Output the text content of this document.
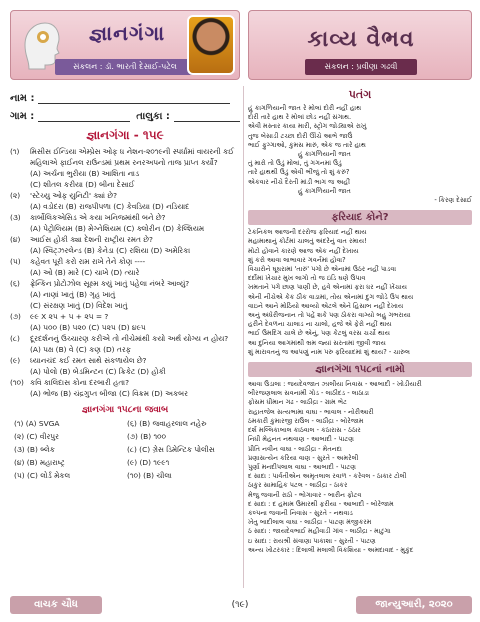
જ્ઞાનગંગા
સંકલન : ડૉ. ભારતી દેસાઈ-પટેલ
કાવ્ય વૈભવ
સંકલન : પ્રવીણા ગઢવી
નામ :
ગામ :	તાલુકા :
જ્ઞાનગંગા - ૧૫૯
(૧)	મિસીસ ઈન્ડિયા એમ્પ્રેસ ઓફ ધ નેશન-૨૦૧૯ની સ્પર્ધામાં વાયરની કઈ મહિલાએ ફાઈનલ રાઉન્ડમાં પ્રથમ રનરઅપનો તાજ પ્રાપ્ત કર્યો?
(A) અર્ચના ભુરીયા (B) આશિતા નાડ
(C) શીતલ કરીયા (D) બીના દેસાઈ
(૨)	'સ્ટેચ્યુ ઓફ યુનિટી' ક્યાં છે?
(A) વડોદરા (B) રાજપીપળા (C) કેવડિયા (D) નડિયાદ
(૩)	કાર્બોલિકએસિડ એ કયા ખનિજમાંથી બને છે?
(A) પેટ્રોલિયમ (B) મેગ્નેશિયમ (C) ક્લોરીન (D) કેલ્શિયમ
(૪)	આઈસ હોકી ક્યા દેશની રાષ્ટ્રીય રમત છે?
(A) સ્વિટ્ઝરલેન્ડ (B) કેનેડા (C) રશિયા (D) અમેરિકા
(૫)	કહેવત પૂરી કરો રામ રાખે તેને કોણ ----
(A) ઓ (B) મારે (C) ચાખે (D) ત્યારે
(૬)	ફ્રેન્કિન પ્રોટોઝોલ સૂક્ષ્મ કયું ખાતું પહેલા નંબરે આવ્યું?
(A) નાણાં ખાતું (B) ગૃહ ખાતું
(C) સંરક્ષણ ખાતું (D) વિદેશ ખાતું
(૭)	૯૯ X ૨૫ + ૫ + ૨૫ = ?
(A) ૫૦૦ (B) ૫૨૦ (C) ૫૨૫ (D) ૪૯૫
(૮)	દૂરદર્શનનું ઉચ્ચારણ કરીએ તો નીચેમાંથી કયો અર્થ યોગ્ય ન હોય?
(A) પક્ષ (B) વે (C) કણ (D) તરફ
(૯)	ધ્યાનચંદ કઈ રમત સાથે સંકળાયેલ છે?
(A) પોલો (B) બેડમિન્ટન (C) ક્રિકેટ (D) હોકી
(૧૦) કવિ કાલિદાસ કોના દરબારી હતા?
(A) ભોજ (B) ચંદ્રગુપ્ત બીજા (C) વિક્રમ (D) અકબર
જ્ઞાનગંગા ૧૫૮ના જવાબ
(૧) (A) SVGA	(૬) (B) જવાહરલાલ નહેરુ
(૨) (C) વીરપુર	(૭) (B) ૧૦૦
(૩) (B) બ્લેક	(૮) (C) ગ્રેસ ડિમેન્ટિક પોલીસ
(૪) (B) મહારાષ્ટ્ર	(૯) (D) ૧૯૯૧
(૫) (C) લોર્ડ મેકલ	(૧૦) (B) ચીલા
પતંગ
હું કાગળિયાની જાત રે મોલાં દોરી નહીં હાથ
દોરી તારે હાથ રે મોલાં છોડ નહીં સંગાથ.
એવી મસ્તાર કાયા મારી, સ્ટ્રોંગ જોડ્યાએ રાખું
તુજ બેસાડી ટચ્છા દોરી ઊંચે આભે જાઉં
ભાઈ ફુગ્ગાઓ, કુમસ મારું, એક જ તારે હાથ
હું કાગળિયાની જાત
તું મારો તો ઉડું મોલાં, તું ગગનમાં ઉડું
તારે હાથથી ઉડું એવી ભીંજું તો શું કરું?
એકવાર નીચે દૈરતી માંડી ભાગ જ અહીં
હું કાગળિયાની જાત
- કિરણ દેસાઈ
ફરિયાદ કોને?
ટેકનિકલ આજની દરરોજ ફરિયાદ નહીં થાય
મહામાથાનું કોર્ટમાં ચાલતું અંદરેનું વાત રમાય!
મોટો હોવાને કારણે આજ એક નહીં દેખાય
શું કરો આવા લાભાવાર ગવર્નમાં હોવા?
વિચારોને ઘૂઘરામાં 'તારું' પગો છે એનામાં ઉઠર નહીં પાડવા
દર્દોમાં ખેચાર મુખ લાગો તો જ ઇંડિ ઘણે ઉપાવ
ખમતાને પગે છાણ પાણી છે, હવે એનામાં ફરા ધર નહીં ખેંચાય
એની નીચેએ કેક ઠીક વાડામાં, તોય એનામાં દુગ જોડે ઉપ થાય
વાઇને આને મોઠિયો આવ્યો એટલે એને હિસાબ નહીં દેખાય
અનું અંધેરીજનાન તો પહેં શકે પણ ઠોકરા વાગ્યો બહુ ગભરાયા
હરીને દેવળના ચાલાડ ના ચાલો, હજે એ ફેરો નહીં થાય
ભાઈ ઉમદિંગ ચાલે છે એનું, પણ કેટલું વરસ ચર્ચો થાય
આ દુનિયા આગમાંથી ભ્રમ જ્યાં સરતામાં જીવી જાય
શું મારાવતનું જ આપણું નામ પરુ ફરિયાદમાં શું થાય? - ચારુલ
જ્ઞાનગંગા ૧૫૮નાં નામો
આવા ઉડાલા : જયદેવજાત ઝાલીયા નિવાસ - આબાદી - ખોડીયારી
બીરજણલાલ સવનામી ગોડ - લાઠીદડ - લાઠાડા
ફોસમ ધીમાન ગઢ - લાઠીદ્રા - ગ્રામ ભેટ
રાહાતજેલ સત્યભામા વાઘા - ભાવાલ - નોરીઆરી
ઠમકારી કુમારજી રાઉલ - લાઠીદ્રા - બોરેજામ
દર્શ મલ્લિકાબાલ કાઠવાલ - કઠારાસ - ઠઠાર
નિધી મેહનત નથવાણ - આબાદી - પાટણ
પ્રીતિ નવીન વાઘા - લાઠીદ્રા - મેતનદા
પ્રણાસત્યેન કરિયા વાણ - સુરતે - અમરેલી
પુર્ણા મનદીપલાલ વાઘા - આબાદી - પાટણ
દ સાદા : પાર્વતીએન અમૃતલાલ રવાળ - કરેવલ - ઠાકાર ટોલી
ઠાકુર સામાહિક પટલ - લાઠીદ્રા - ઠાકર
મેજુ જવાની રાઠો - ભોગાવાર - બારીન ફોટવ
દ સાદા : દ હમામ ઉમારથી ફરીયા - આબાદી - બોરેજામ
કલ્પના જવાની નિવાસ - સુરતે - નથવાડ
ખેતુ બાદીલાલ વાઘા - લાઠીદ્રા - પાટણ મંજીકરમ
ઠ સાદા : જાયદેવભાઈ મહીવાડી ગાંવ - લાઠીદ્રા - માટુંગા
ઇ સાદા : રાયશ્રી સંવાણા પાકાશા - સુરતી - પાટણ
અન્ય ખોટરકાર : દિલાલી મલાલી વિકશિયા - અમદાવાદ - મુકુંદ
વાચક ચૌધ	(૧૯)	જાન્યુઆરી, ૨૦૨૦
